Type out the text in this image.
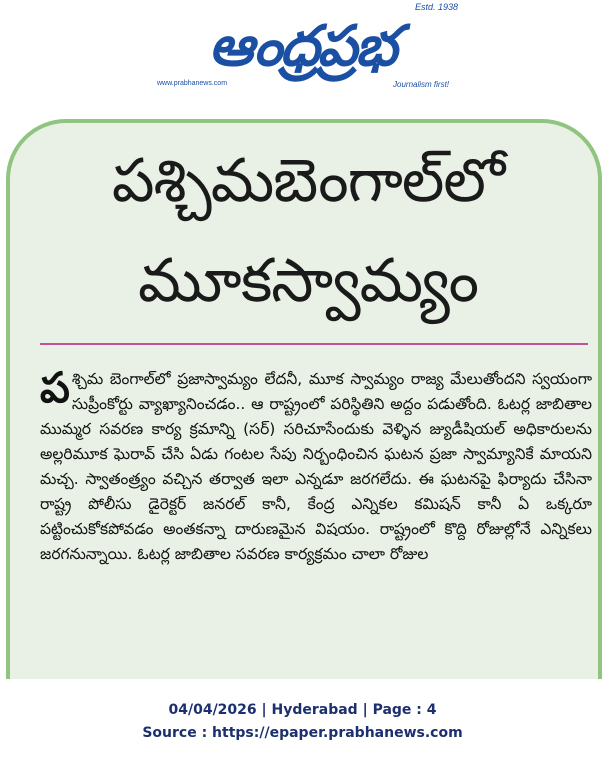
ఆంధ్రప్రభ
Estd. 1938
www.prabhanews.com	Journalism first!
పశ్చిమబెంగాల్‌లో
మూకస్వామ్యం
పశ్చిమ బెంగాల్‌లో ప్రజాస్వామ్యం లేదనీ, మూక స్వామ్యం రాజ్య మేలుతోందని స్వయంగా సుప్రీంకోర్టు వ్యాఖ్యానించడం.. ఆ రాష్ట్రంలో పరిస్థితిని అద్దం పడుతోంది. ఓటర్ల జాబితాల ముమ్మర సవరణ కార్య క్రమాన్ని (సర్) సరిచూసేందుకు వెళ్ళిన జ్యుడీషియల్ అధికారులను అల్లరిమూక ఘెరావ్ చేసి ఏడు గంటల సేపు నిర్బంధించిన ఘటన ప్రజా స్వామ్యానికే మాయని మచ్చ. స్వాతంత్ర్యం వచ్చిన తర్వాత ఇలా ఎన్నడూ జరగలేదు. ఈ ఘటనపై ఫిర్యాదు చేసినా రాష్ట్ర పోలీసు డైరెక్టర్ జనరల్ కానీ, కేంద్ర ఎన్నికల కమిషన్ కానీ ఏ ఒక్కరూ పట్టించుకోకపోవడం అంతకన్నా దారుణమైన విషయం. రాష్ట్రంలో కొద్ది రోజుల్లోనే ఎన్నికలు జరగనున్నాయి. ఓటర్ల జాబితాల సవరణ కార్యక్రమం చాలా రోజుల
04/04/2026 | Hyderabad | Page : 4
Source : https://epaper.prabhanews.com
